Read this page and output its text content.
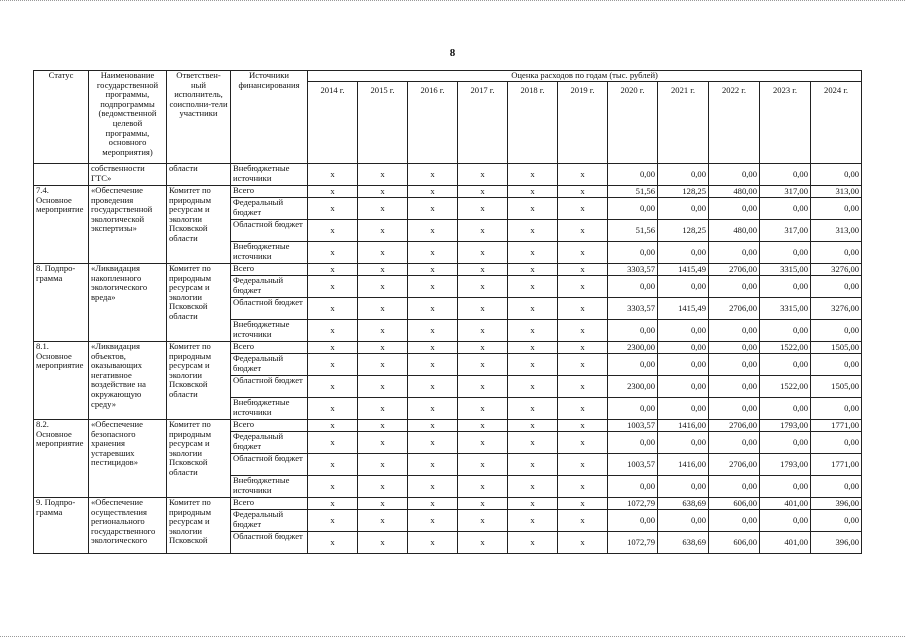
8
Статус	Наименование государственной программы, подпрограммы (ведомственной целевой программы, основного мероприятия)	Ответствен-ный исполнитель, соисполни-тели участники	Источники финансирования	Оценка расходов по годам (тыс. рублей)										
				2014 г.	2015 г.	2016 г.	2017 г.	2018 г.	2019 г.	2020 г.	2021 г.	2022 г.	2023 г.	2024 г.
	собственности ГТС»	области	Внебюджетные источники	x	x	x	x	x	x	0,00	0,00	0,00	0,00	0,00
7.4. Основное мероприятие	«Обеспечение проведения государственной экологической экспертизы»	Комитет по природным ресурсам и экологии Псковской области	Всего	x	x	x	x	x	x	51,56	128,25	480,00	317,00	313,00
			Федеральный бюджет	x	x	x	x	x	x	0,00	0,00	0,00	0,00	0,00
			Областной бюджет	x	x	x	x	x	x	51,56	128,25	480,00	317,00	313,00
			Внебюджетные источники	x	x	x	x	x	x	0,00	0,00	0,00	0,00	0,00
8. Подпро-грамма	«Ликвидация накопленного экологического вреда»	Комитет по природным ресурсам и экологии Псковской области	Всего	x	x	x	x	x	x	3303,57	1415,49	2706,00	3315,00	3276,00
			Федеральный бюджет	x	x	x	x	x	x	0,00	0,00	0,00	0,00	0,00
			Областной бюджет	x	x	x	x	x	x	3303,57	1415,49	2706,00	3315,00	3276,00
			Внебюджетные источники	x	x	x	x	x	x	0,00	0,00	0,00	0,00	0,00
8.1. Основное мероприятие	«Ликвидация объектов, оказывающих негативное воздействие на окружающую среду»	Комитет по природным ресурсам и экологии Псковской области	Всего	x	x	x	x	x	x	2300,00	0,00	0,00	1522,00	1505,00
			Федеральный бюджет	x	x	x	x	x	x	0,00	0,00	0,00	0,00	0,00
			Областной бюджет	x	x	x	x	x	x	2300,00	0,00	0,00	1522,00	1505,00
			Внебюджетные источники	x	x	x	x	x	x	0,00	0,00	0,00	0,00	0,00
8.2. Основное мероприятие	«Обеспечение безопасного хранения устаревших пестицидов»	Комитет по природным ресурсам и экологии Псковской области	Всего	x	x	x	x	x	x	1003,57	1416,00	2706,00	1793,00	1771,00
			Федеральный бюджет	x	x	x	x	x	x	0,00	0,00	0,00	0,00	0,00
			Областной бюджет	x	x	x	x	x	x	1003,57	1416,00	2706,00	1793,00	1771,00
			Внебюджетные источники	x	x	x	x	x	x	0,00	0,00	0,00	0,00	0,00
9. Подпро-грамма	«Обеспечение осуществления регионального государственного экологического	Комитет по природным ресурсам и экологии Псковской	Всего	x	x	x	x	x	x	1072,79	638,69	606,00	401,00	396,00
			Федеральный бюджет	x	x	x	x	x	x	0,00	0,00	0,00	0,00	0,00
			Областной бюджет	x	x	x	x	x	x	1072,79	638,69	606,00	401,00	396,00
